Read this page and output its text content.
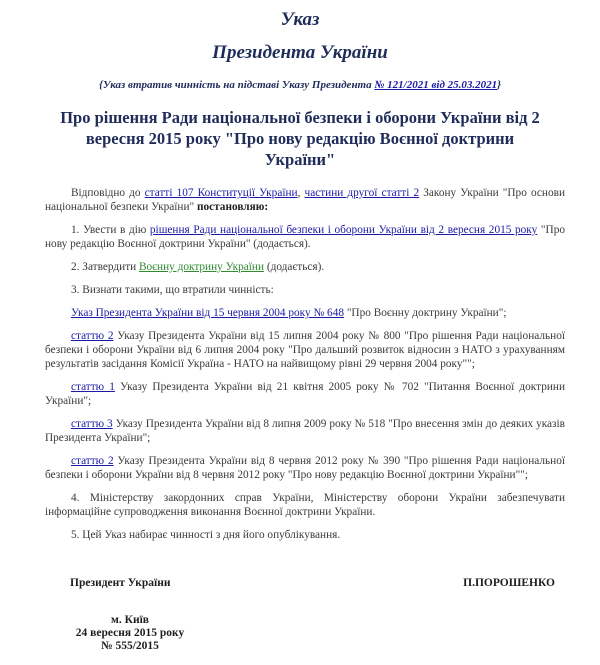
Указ
Президента України
{Указ втратив чинність на підставі Указу Президента № 121/2021 від 25.03.2021}
Про рішення Ради національної безпеки і оборони України від 2 вересня 2015 року "Про нову редакцію Воєнної доктрини України"

Відповідно до статті 107 Конституції України, частини другої статті 2 Закону України "Про основи національної безпеки України" постановляю:

1. Увести в дію рішення Ради національної безпеки і оборони України від 2 вересня 2015 року "Про нову редакцію Воєнної доктрини України" (додається).

2. Затвердити Воєнну доктрину України (додається).

3. Визнати такими, що втратили чинність:

Указ Президента України від 15 червня 2004 року № 648 "Про Воєнну доктрину України";

статтю 2 Указу Президента України від 15 липня 2004 року № 800 "Про рішення Ради національної безпеки і оборони України від 6 липня 2004 року "Про дальший розвиток відносин з НАТО з урахуванням результатів засідання Комісії Україна - НАТО на найвищому рівні 29 червня 2004 року"";

статтю 1 Указу Президента України від 21 квітня 2005 року № 702 "Питання Воєнної доктрини України";

статтю 3 Указу Президента України від 8 липня 2009 року № 518 "Про внесення змін до деяких указів Президента України";

статтю 2 Указу Президента України від 8 червня 2012 року № 390 "Про рішення Ради національної безпеки і оборони України від 8 червня 2012 року "Про нову редакцію Воєнної доктрини України"";

4. Міністерству закордонних справ України, Міністерству оборони України забезпечувати інформаційне супроводження виконання Воєнної доктрини України.

5. Цей Указ набирає чинності з дня його опублікування.

Президент України	П.ПОРОШЕНКО
м. Київ
24 вересня 2015 року
№ 555/2015
